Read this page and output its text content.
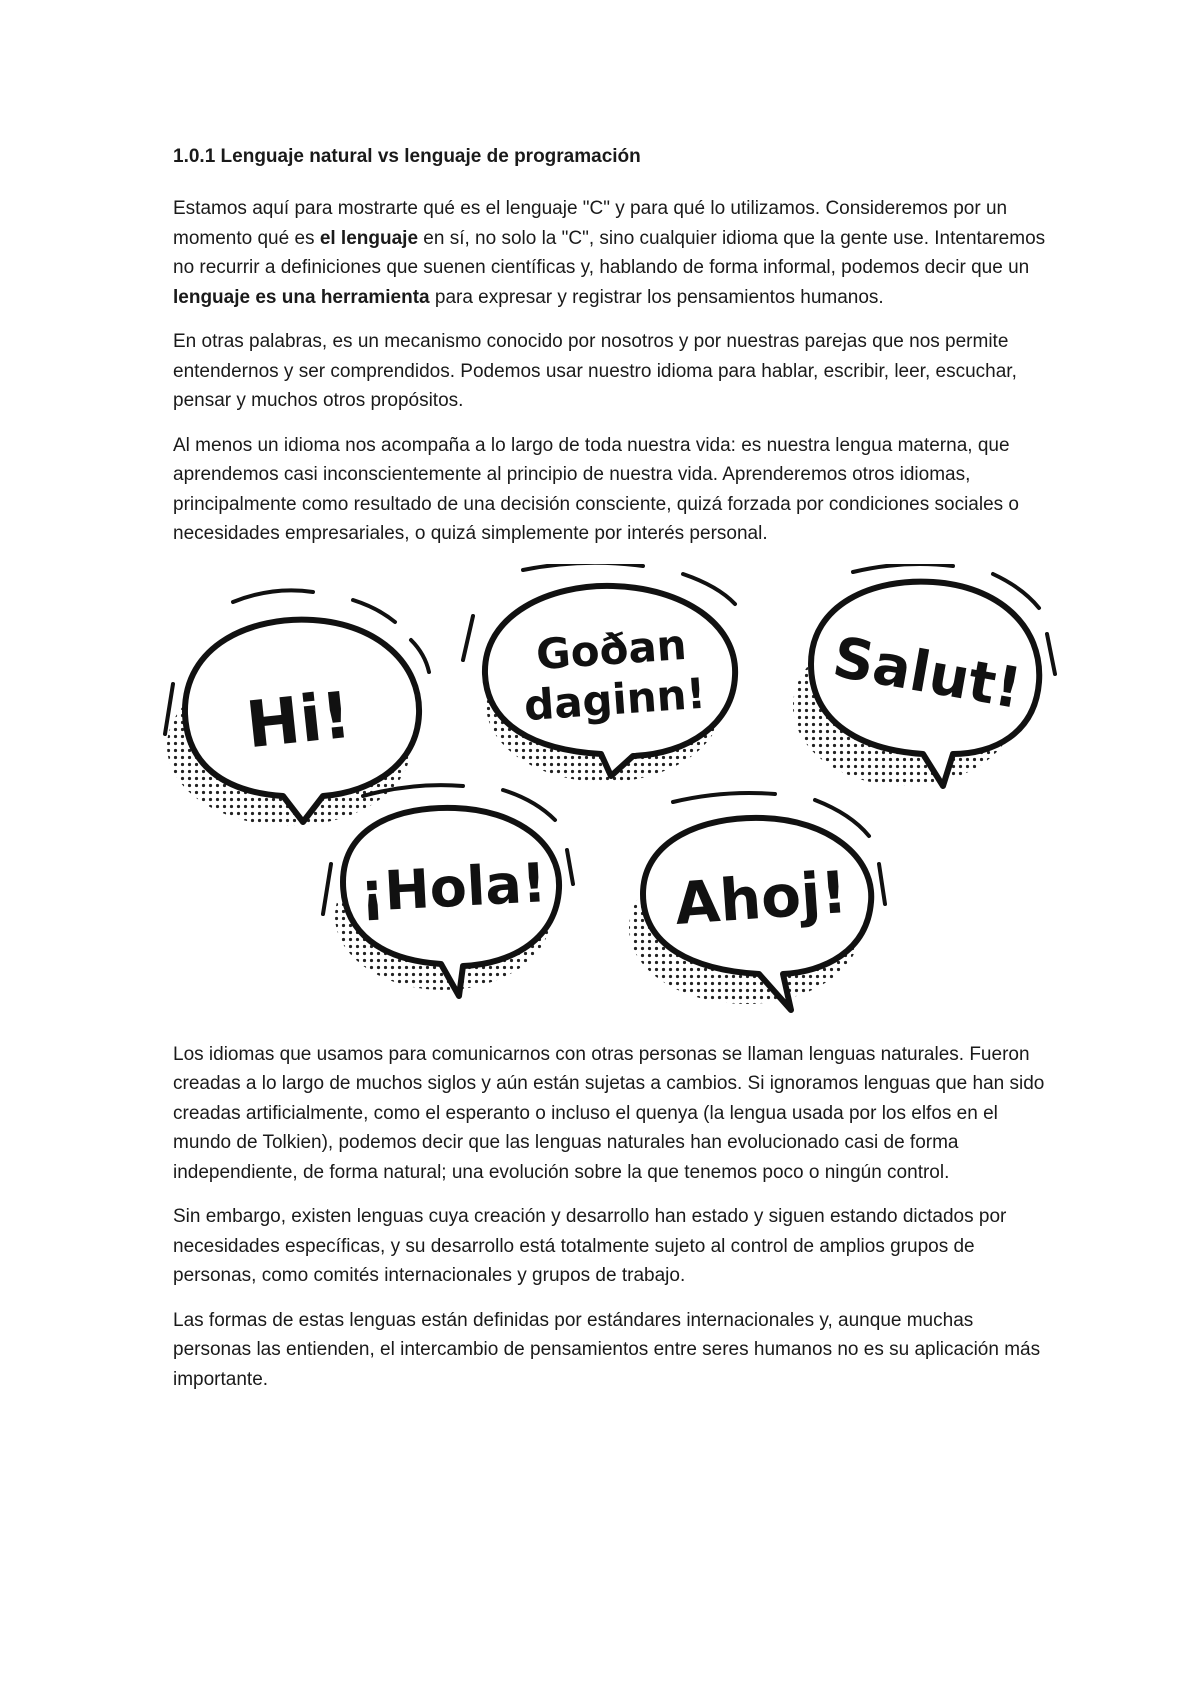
1.0.1 Lenguaje natural vs lenguaje de programación

Estamos aquí para mostrarte qué es el lenguaje "C" y para qué lo utilizamos. Consideremos por un momento qué es el lenguaje en sí, no solo la "C", sino cualquier idioma que la gente use. Intentaremos no recurrir a definiciones que suenen científicas y, hablando de forma informal, podemos decir que un lenguaje es una herramienta para expresar y registrar los pensamientos humanos.

En otras palabras, es un mecanismo conocido por nosotros y por nuestras parejas que nos permite entendernos y ser comprendidos. Podemos usar nuestro idioma para hablar, escribir, leer, escuchar, pensar y muchos otros propósitos.

Al menos un idioma nos acompaña a lo largo de toda nuestra vida: es nuestra lengua materna, que aprendemos casi inconscientemente al principio de nuestra vida. Aprenderemos otros idiomas, principalmente como resultado de una decisión consciente, quizá forzada por condiciones sociales o necesidades empresariales, o quizá simplemente por interés personal.

Hi!
Goðan
daginn! Salut!
¡Hola! Ahoj!

Los idiomas que usamos para comunicarnos con otras personas se llaman lenguas naturales. Fueron creadas a lo largo de muchos siglos y aún están sujetas a cambios. Si ignoramos lenguas que han sido creadas artificialmente, como el esperanto o incluso el quenya (la lengua usada por los elfos en el mundo de Tolkien), podemos decir que las lenguas naturales han evolucionado casi de forma independiente, de forma natural; una evolución sobre la que tenemos poco o ningún control.

Sin embargo, existen lenguas cuya creación y desarrollo han estado y siguen estando dictados por necesidades específicas, y su desarrollo está totalmente sujeto al control de amplios grupos de personas, como comités internacionales y grupos de trabajo.

Las formas de estas lenguas están definidas por estándares internacionales y, aunque muchas personas las entienden, el intercambio de pensamientos entre seres humanos no es su aplicación más importante.
